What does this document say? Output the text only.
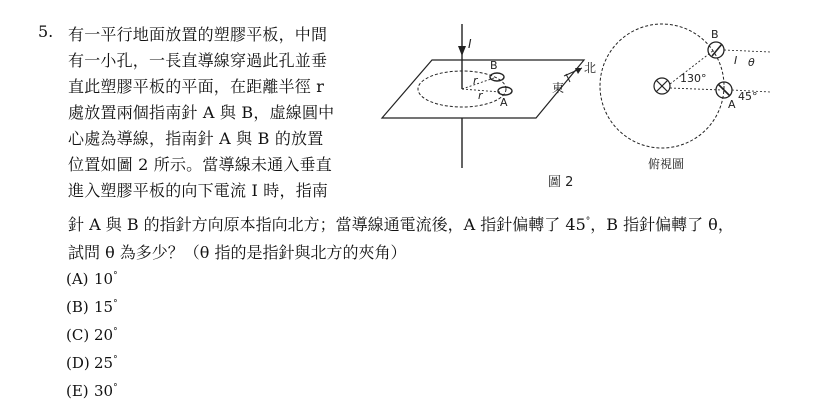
5. 有一平行地面放置的塑膠平板，中間
有一小孔，一長直導線穿過此孔並垂
直此塑膠平板的平面，在距離半徑 r
處放置兩個指南針 A 與 B，虛線圓中
心處為導線，指南針 A 與 B 的放置
位置如圖 2 所示。當導線未通入垂直
進入塑膠平板的向下電流 I 時，指南
針 A 與 B 的指針方向原本指向北方；當導線通電流後，A 指針偏轉了 45°，B 指針偏轉了 θ，
試問 θ 為多少？（θ 指的是指針與北方的夾角）
(A) 10°
(B) 15°
(C) 20°
(D) 25°
(E) 30°
I
r
r
B
A
北
東
圖 2
130°
B
I θ
A
45°
俯視圖
